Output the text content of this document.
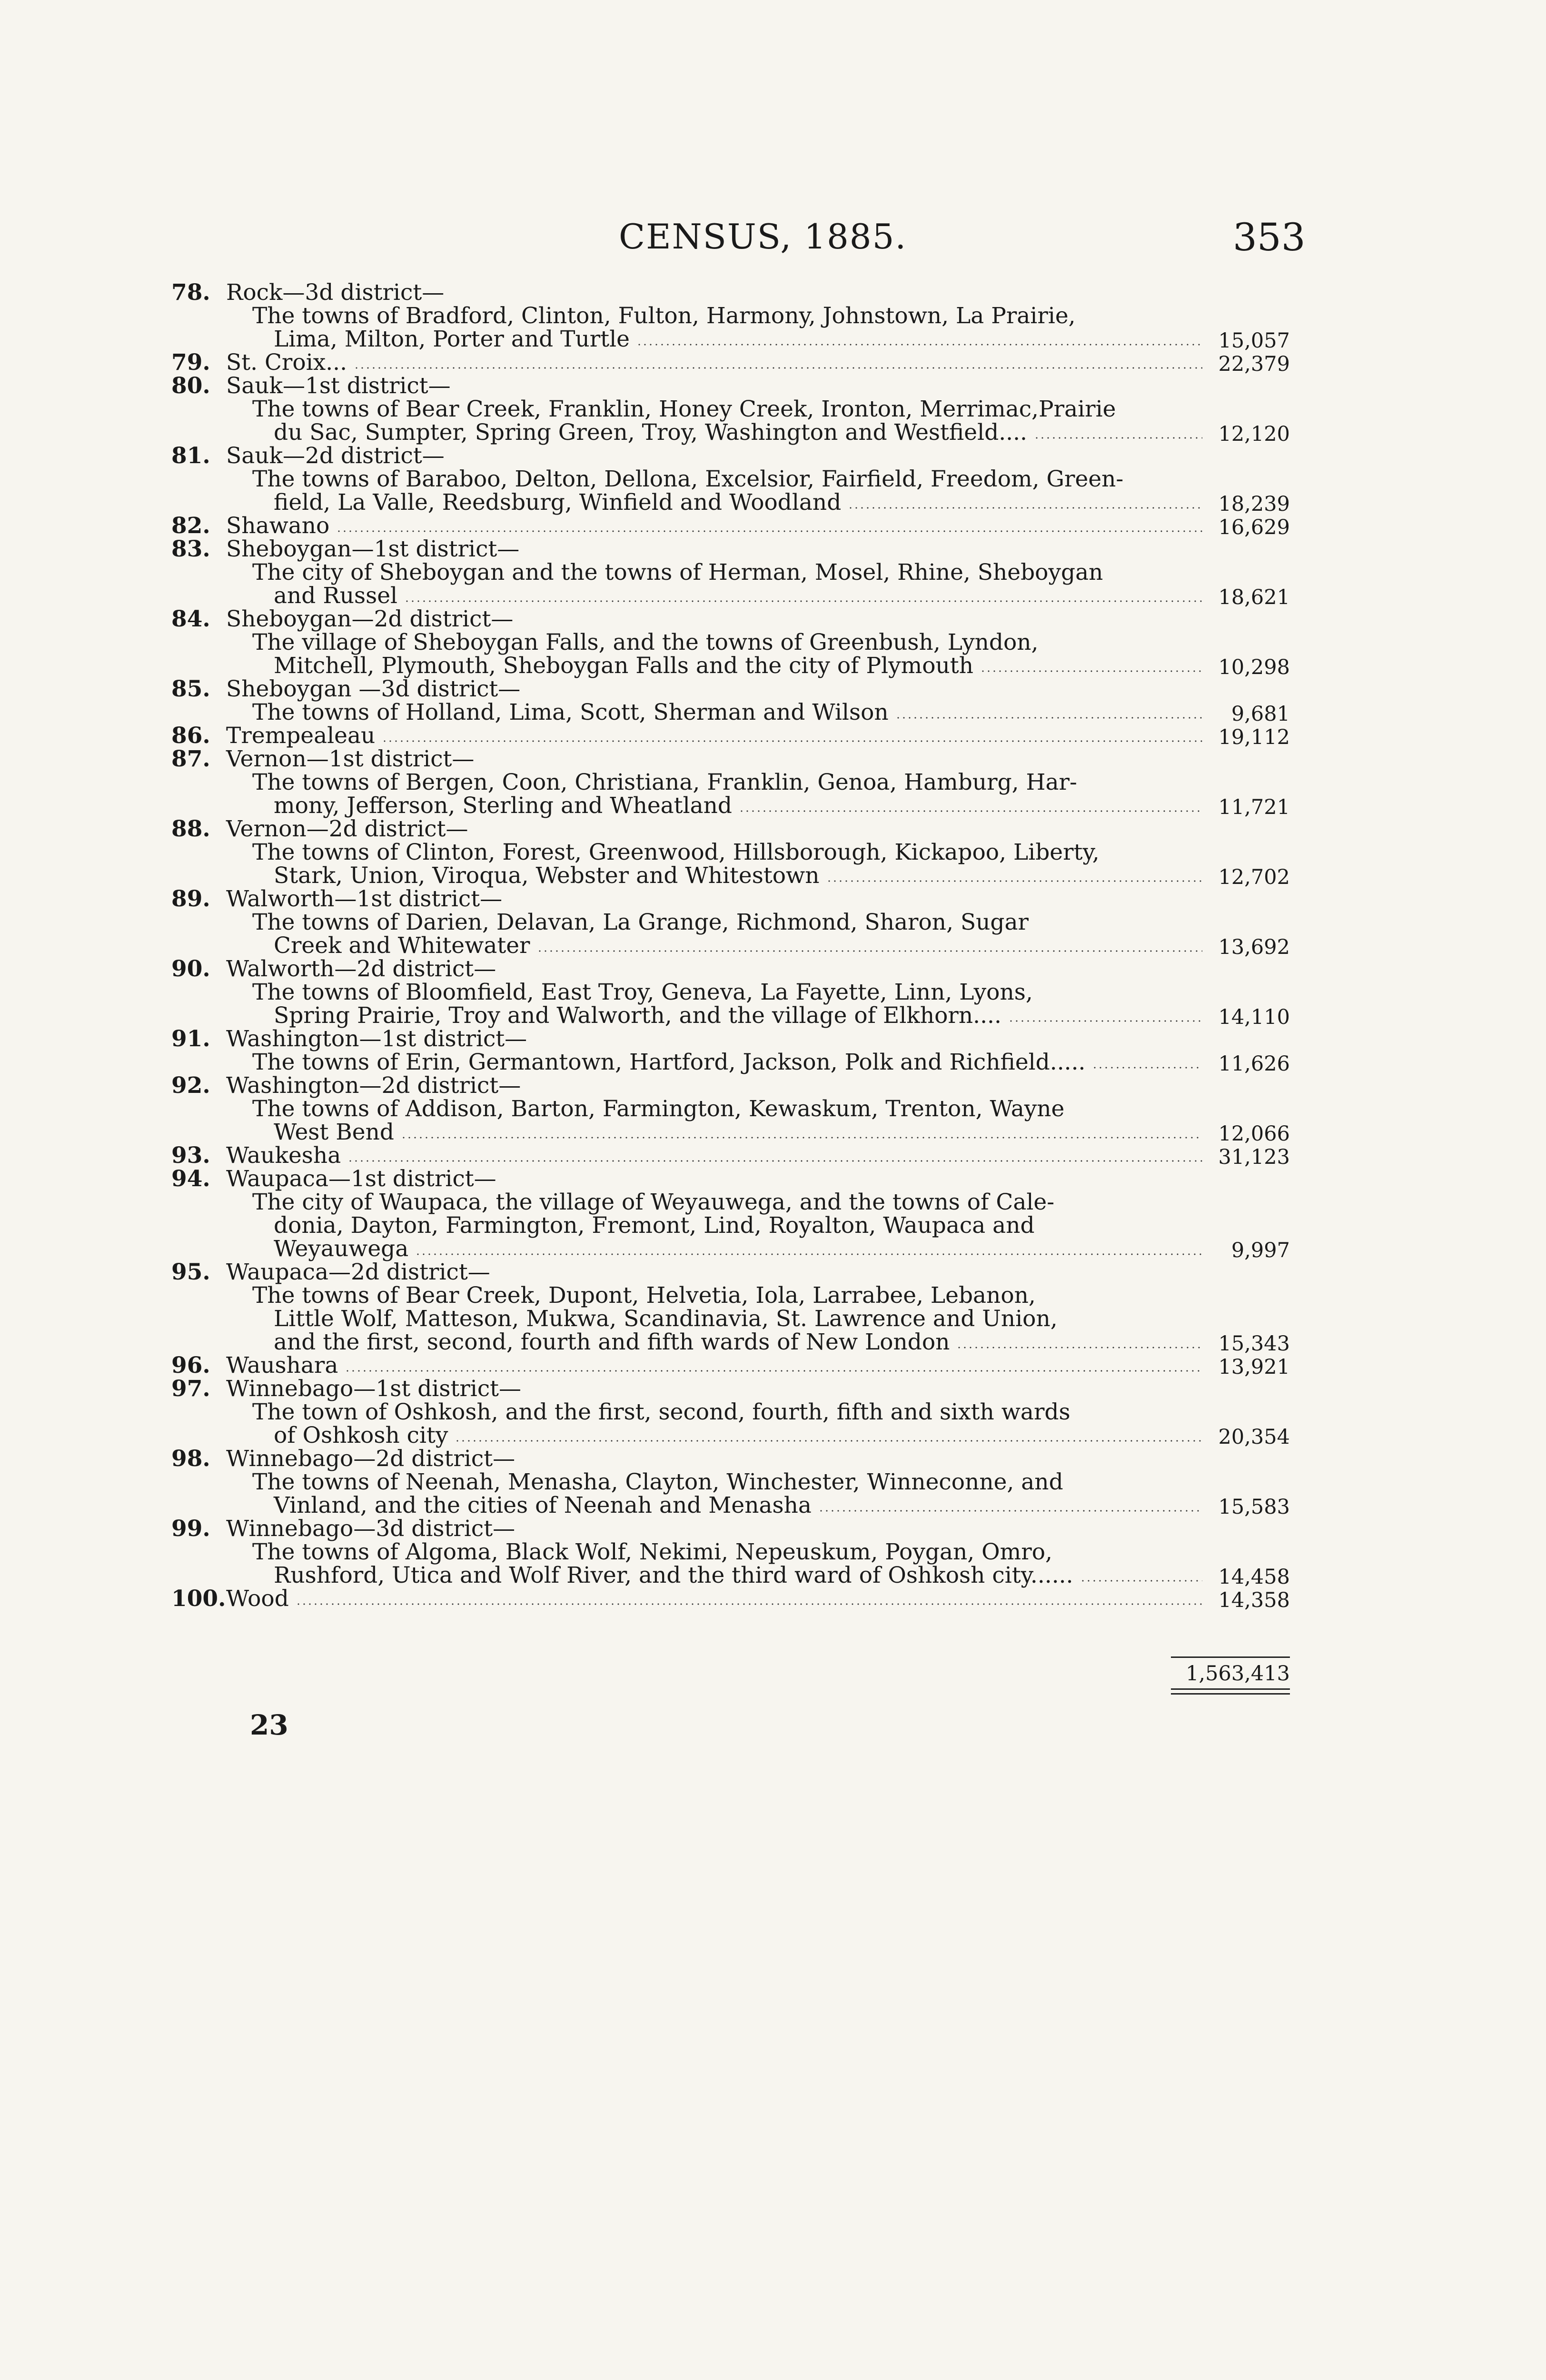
CENSUS, 1885.	353
78. Rock—3d district—
The towns of Bradford, Clinton, Fulton, Harmony, Johnstown, La Prairie,
Lima, Milton, Porter and Turtle	15,057
79. St. Croix...	22,379
80. Sauk—1st district—
The towns of Bear Creek, Franklin, Honey Creek, Ironton, Merrimac,Prairie
du Sac, Sumpter, Spring Green, Troy, Washington and Westfield....	12,120
81. Sauk—2d district—
The towns of Baraboo, Delton, Dellona, Excelsior, Fairfield, Freedom, Green-
field, La Valle, Reedsburg, Winfield and Woodland	18,239
82. Shawano	16,629
83. Sheboygan—1st district—
The city of Sheboygan and the towns of Herman, Mosel, Rhine, Sheboygan
and Russel	18,621
84. Sheboygan—2d district—
The village of Sheboygan Falls, and the towns of Greenbush, Lyndon,
Mitchell, Plymouth, Sheboygan Falls and the city of Plymouth	10,298
85. Sheboygan —3d district—
The towns of Holland, Lima, Scott, Sherman and Wilson	9,681
86. Trempealeau	19,112
87. Vernon—1st district—
The towns of Bergen, Coon, Christiana, Franklin, Genoa, Hamburg, Har-
mony, Jefferson, Sterling and Wheatland	11,721
88. Vernon—2d district—
The towns of Clinton, Forest, Greenwood, Hillsborough, Kickapoo, Liberty,
Stark, Union, Viroqua, Webster and Whitestown	12,702
89. Walworth—1st district—
The towns of Darien, Delavan, La Grange, Richmond, Sharon, Sugar
Creek and Whitewater	13,692
90. Walworth—2d district—
The towns of Bloomfield, East Troy, Geneva, La Fayette, Linn, Lyons,
Spring Prairie, Troy and Walworth, and the village of Elkhorn....	14,110
91. Washington—1st district—
The towns of Erin, Germantown, Hartford, Jackson, Polk and Richfield.....	11,626
92. Washington—2d district—
The towns of Addison, Barton, Farmington, Kewaskum, Trenton, Wayne
West Bend	12,066
93. Waukesha	31,123
94. Waupaca—1st district—
The city of Waupaca, the village of Weyauwega, and the towns of Cale-
donia, Dayton, Farmington, Fremont, Lind, Royalton, Waupaca and
Weyauwega	9,997
95. Waupaca—2d district—
The towns of Bear Creek, Dupont, Helvetia, Iola, Larrabee, Lebanon,
Little Wolf, Matteson, Mukwa, Scandinavia, St. Lawrence and Union,
and the first, second, fourth and fifth wards of New London	15,343
96. Waushara	13,921
97. Winnebago—1st district—
The town of Oshkosh, and the first, second, fourth, fifth and sixth wards
of Oshkosh city	20,354
98. Winnebago—2d district—
The towns of Neenah, Menasha, Clayton, Winchester, Winneconne, and
Vinland, and the cities of Neenah and Menasha	15,583
99. Winnebago—3d district—
The towns of Algoma, Black Wolf, Nekimi, Nepeuskum, Poygan, Omro,
Rushford, Utica and Wolf River, and the third ward of Oshkosh city......	14,458
100. Wood	14,358
1,563,413
23
